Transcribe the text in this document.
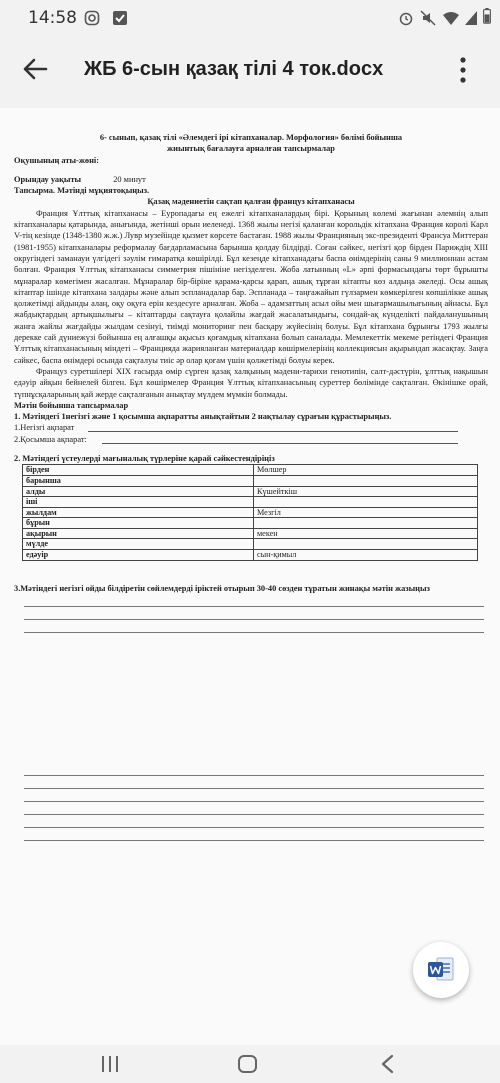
14:58
ЖБ 6-сын қазақ тілі 4 ток.docx
6- сынып, қазақ тілі «Әлемдегі ірі кітапханалар. Морфология» бөлімі бойынша
жиынтық бағалауға арналған тапсырмалар
Оқушының аты-жөні:
Орындау уақыты	20 минут
Тапсырма. Мәтінді мұқиятоқыңыз.
Қазақ мәдениетін сақтап қалған француз кітапханасы

Франция Ұлттық кітапханасы – Еуропадағы ең ежелгі кітапханалардың бірі. Қорының көлемі жағынан әлемнің алып кітапханалары қатарында, анығында, жетінші орын иеленеді. 1368 жылы негізі қаланған корольдік кітапхана Франция королі Карл V-тің кезінде (1348-1380 ж.ж.) Лувр музейінде қызмет көрсете бастаған. 1988 жылы Францияның экс-президенті Франсуа Миттеран (1981-1955) кітапханалары реформалау бағдарламасына барынша қолдау білдірді. Соған сәйкес, негізгі қор бірден Париждің XIII округіндегі заманауи үлгідегі зәулім ғимаратқа көшірілді. Бұл кезеңде кітапханадағы баспа өнімдерінің саны 9 миллионнан астам болған. Франция Ұлттық кітапханасы симметрия пішініне негізделген. Жоба латынның «L» әрпі формасындағы төрт бұрышты мұнаралар көмегімен жасалған. Мұнаралар бір-біріне қарама-қарсы қарап, ашық тұрған кітапты көз алдыңа әкеледі. Осы ашық кітаптар ішінде кітапхана залдары және алып эспланадалар бар. Эспланада – таңғажайып гүлзармен көмкерілген көпшілікке ашық қолжетімді айдынды алаң, оқу оқуға ерін кездесуге арналған. Жоба – адамзаттың асыл ойы мен шығармашылығының айнасы. Бұл жабдықтардың артықшылығы – кітаптарды сақтауға қолайлы жағдай жасалатындығы, сондай-ақ күнделікті пайдаланушының жанға жайлы жағдайды жылдам сезінуі, тиімді мониторинг пен басқару жүйесінің болуы. Бұл кітапхана бұрынғы 1793 жылғы дерекке сай дүниежүзі бойынша ең алғашқы ақысыз қоғамдық кітапхана болып саналады. Мемлекеттік мекеме ретіндегі Франция Ұлттық кітапханасының міндеті – Францияда жарияланған материалдар көшірмелерінің коллекциясын ақырындап жасақтау. Заңға сәйкес, баспа өнімдері осында сақталуы тиіс әр олар қоғам үшін қолжетімді болуы керек.

Француз суретшілері XIX ғасырда өмір сүрген қазақ халқының мәдени-тарихи генотипін, салт-дәстүрін, ұлттық нақышын едәуір айқын бейнелей білген. Бұл көшірмелер Франция Ұлттық кітапханасының суреттер бөлімінде сақталған. Өкінішке орай, түпнұсқаларының қай жерде сақталғанын анықтау мүлдем мүмкін болмады.

Мәтін бойынша тапсырмалар
1. Мәтіндегі 1негізгі және 1 қосымша ақпаратты анықтайтын 2 нақтылау сұрағын құрастырыңыз.
1.Негізгі ақпарат
2.Қосымша ақпарат:
2. Мәтіндегі үстеулерді мағыналық түрлеріне қарай сәйкестендіріңіз
бірден	Мөлшер
барынша	
алды	Күшейткіш
іші	
жылдам	Мезгіл
бұрын	
ақырын	мекен
мүлде	
едәуір	сын-қимыл
3.Мәтіндегі негізгі ойды білдіретін сөйлемдерді іріктей отырып 30-40 сөзден тұратын жинақы мәтін жазыңыз
